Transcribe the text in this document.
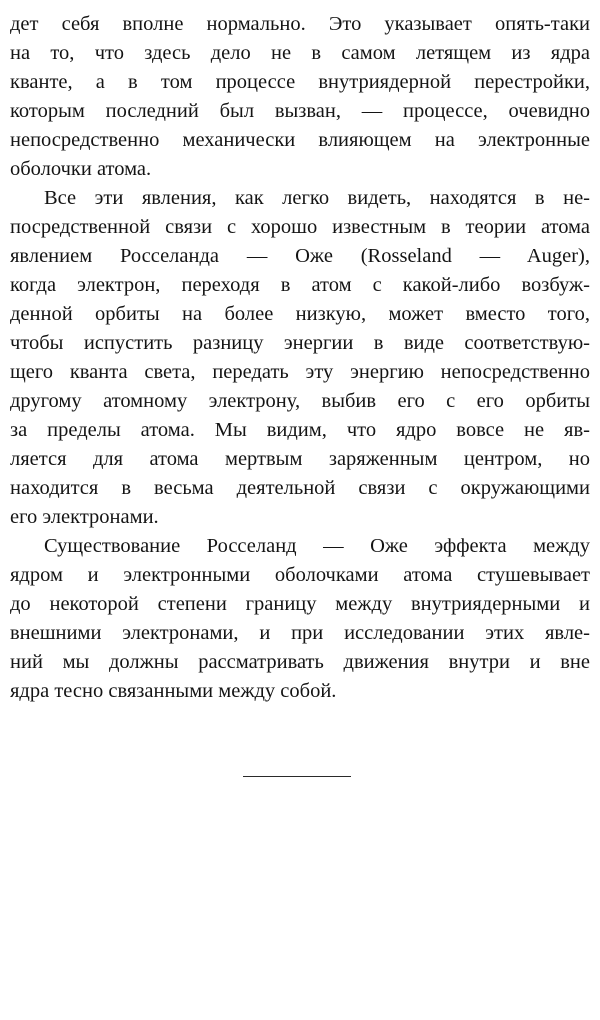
дет себя вполне нормально. Это указывает опять-таки
на то, что здесь дело не в самом летящем из ядра
кванте, а в том процессе внутриядерной перестройки,
которым последний был вызван, — процессе, очевидно
непосредственно механически влияющем на электронные
оболочки атома.
Все эти явления, как легко видеть, находятся в не-
посредственной связи с хорошо известным в теории атома
явлением Росселанда — Оже (Rosseland — Auger),
когда электрон, переходя в атом с какой-либо возбуж-
денной орбиты на более низкую, может вместо того,
чтобы испустить разницу энергии в виде соответствую-
щего кванта света, передать эту энергию непосредственно
другому атомному электрону, выбив его с его орбиты
за пределы атома. Мы видим, что ядро вовсе не яв-
ляется для атома мертвым заряженным центром, но
находится в весьма деятельной связи с окружающими
его электронами.
Существование Росселанд — Оже эффекта между
ядром и электронными оболочками атома стушевывает
до некоторой степени границу между внутриядерными и
внешними электронами, и при исследовании этих явле-
ний мы должны рассматривать движения внутри и вне
ядра тесно связанными между собой.
